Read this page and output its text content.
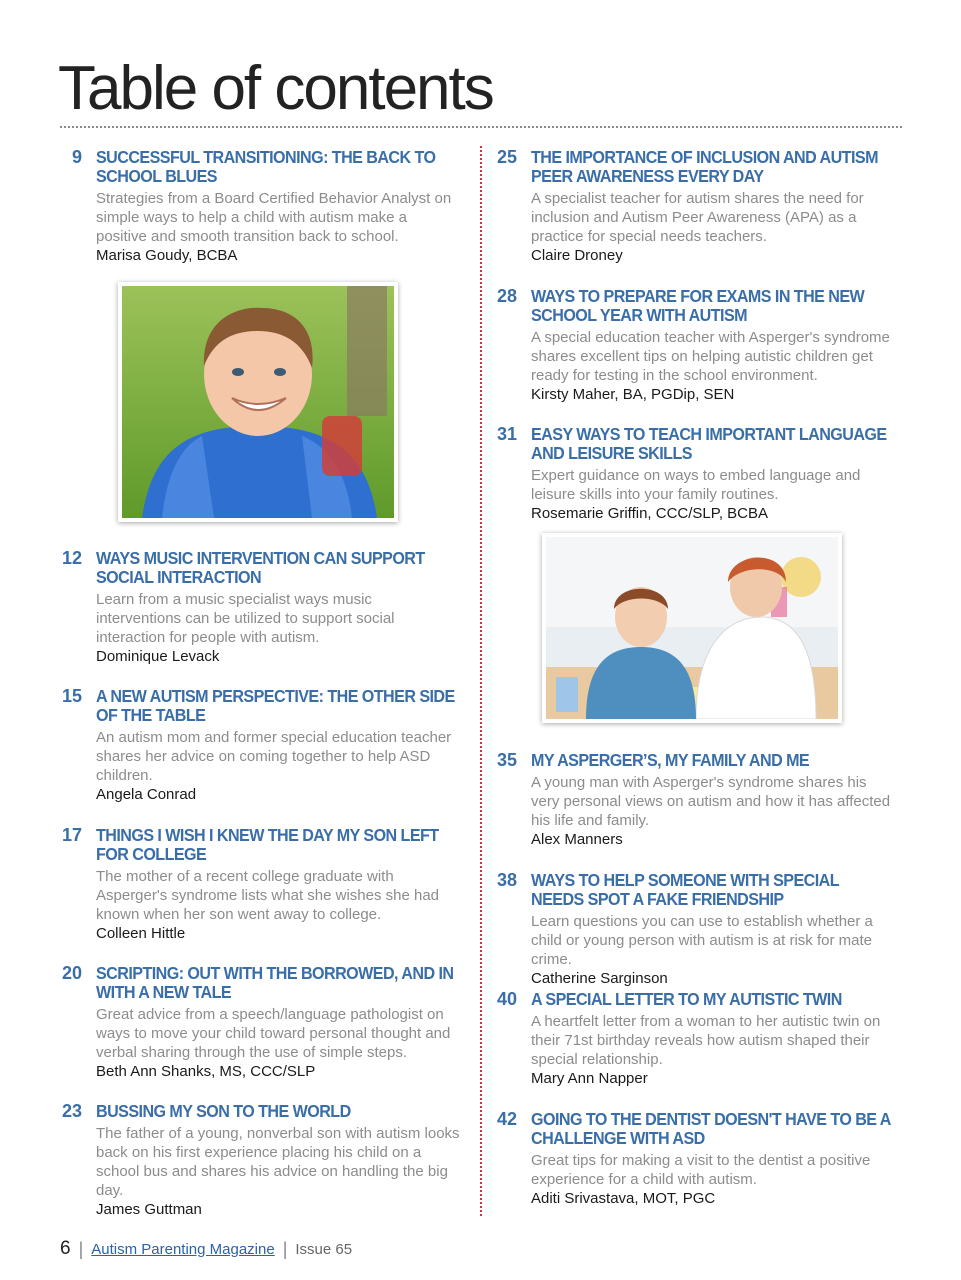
Table of contents
9 SUCCESSFUL TRANSITIONING: THE BACK TO SCHOOL BLUES
Strategies from a Board Certified Behavior Analyst on simple ways to help a child with autism make a positive and smooth transition back to school.
Marisa Goudy, BCBA
12 WAYS MUSIC INTERVENTION CAN SUPPORT SOCIAL INTERACTION
Learn from a music specialist ways music interventions can be utilized to support social interaction for people with autism.
Dominique Levack
15 A NEW AUTISM PERSPECTIVE: THE OTHER SIDE OF THE TABLE
An autism mom and former special education teacher shares her advice on coming together to help ASD children.
Angela Conrad
17 THINGS I WISH I KNEW THE DAY MY SON LEFT FOR COLLEGE
The mother of a recent college graduate with Asperger's syndrome lists what she wishes she had known when her son went away to college.
Colleen Hittle
20 SCRIPTING: OUT WITH THE BORROWED, AND IN WITH A NEW TALE
Great advice from a speech/language pathologist on ways to move your child toward personal thought and verbal sharing through the use of simple steps.
Beth Ann Shanks, MS, CCC/SLP
23 BUSSING MY SON TO THE WORLD
The father of a young, nonverbal son with autism looks back on his first experience placing his child on a school bus and shares his advice on handling the big day.
James Guttman
25 THE IMPORTANCE OF INCLUSION AND AUTISM PEER AWARENESS EVERY DAY
A specialist teacher for autism shares the need for inclusion and Autism Peer Awareness (APA) as a practice for special needs teachers.
Claire Droney
28 WAYS TO PREPARE FOR EXAMS IN THE NEW SCHOOL YEAR WITH AUTISM
A special education teacher with Asperger's syndrome shares excellent tips on helping autistic children get ready for testing in the school environment.
Kirsty Maher, BA, PGDip, SEN
31 EASY WAYS TO TEACH IMPORTANT LANGUAGE AND LEISURE SKILLS
Expert guidance on ways to embed language and leisure skills into your family routines.
Rosemarie Griffin, CCC/SLP, BCBA
35 MY ASPERGER’S, MY FAMILY AND ME
A young man with Asperger's syndrome shares his very personal views on autism and how it has affected his life and family.
Alex Manners
38 WAYS TO HELP SOMEONE WITH SPECIAL NEEDS SPOT A FAKE FRIENDSHIP
Learn questions you can use to establish whether a child or young person with autism is at risk for mate crime.
Catherine Sarginson
40 A SPECIAL LETTER TO MY AUTISTIC TWIN
A heartfelt letter from a woman to her autistic twin on their 71st birthday reveals how autism shaped their special relationship.
Mary Ann Napper
42 GOING TO THE DENTIST DOESN'T HAVE TO BE A CHALLENGE WITH ASD
Great tips for making a visit to the dentist a positive experience for a child with autism.
Aditi Srivastava, MOT, PGC
6 | Autism Parenting Magazine | Issue 65
